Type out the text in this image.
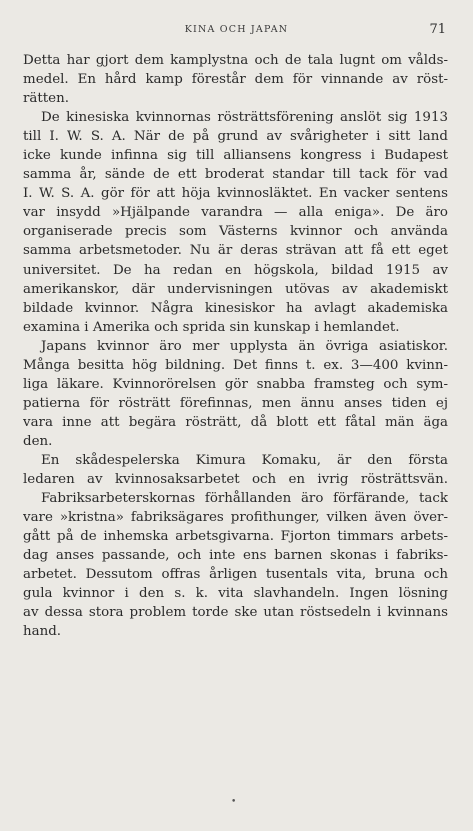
KINA OCH JAPAN	71
Detta har gjort dem kamplystna och de tala lugnt om vålds-
medel. En hård kamp förestår dem för vinnande av röst-
rätten.
De kinesiska kvinnornas rösträttsförening anslöt sig 1913
till I. W. S. A. När de på grund av svårigheter i sitt land
icke kunde infinna sig till alliansens kongress i Budapest
samma år, sände de ett broderat standar till tack för vad
I. W. S. A. gör för att höja kvinnosläktet. En vacker sentens
var insydd »Hjälpande varandra — alla eniga». De äro
organiserade precis som Västerns kvinnor och använda
samma arbetsmetoder. Nu är deras strävan att få ett eget
universitet. De ha redan en högskola, bildad 1915 av
amerikanskor, där undervisningen utövas av akademiskt
bildade kvinnor. Några kinesiskor ha avlagt akademiska
examina i Amerika och sprida sin kunskap i hemlandet.
Japans kvinnor äro mer upplysta än övriga asiatiskor.
Många besitta hög bildning. Det finns t. ex. 3—400 kvinn-
liga läkare. Kvinnorörelsen gör snabba framsteg och sym-
patierna för rösträtt förefinnas, men ännu anses tiden ej
vara inne att begära rösträtt, då blott ett fåtal män äga
den.
En skådespelerska Kimura Komaku, är den första
ledaren av kvinnosaksarbetet och en ivrig rösträttsvän.
Fabriksarbeterskornas förhållanden äro förfärande, tack
vare »kristna» fabriksägares profithunger, vilken även över-
gått på de inhemska arbetsgivarna. Fjorton timmars arbets-
dag anses passande, och inte ens barnen skonas i fabriks-
arbetet. Dessutom offras årligen tusentals vita, bruna och
gula kvinnor i den s. k. vita slavhandeln. Ingen lösning
av dessa stora problem torde ske utan röstsedeln i kvinnans
hand.
•
